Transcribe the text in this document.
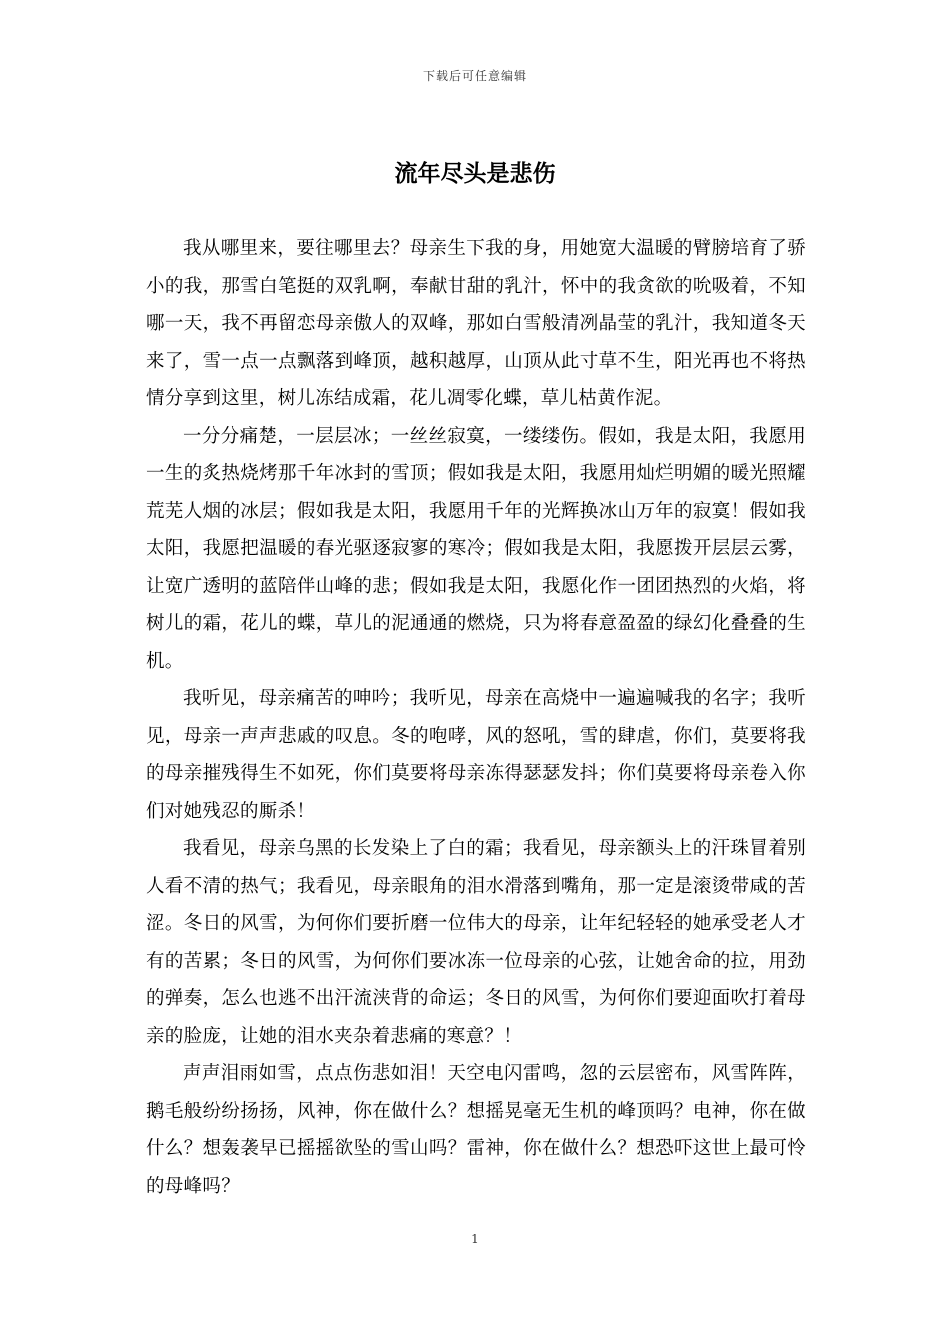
下载后可任意编辑
流年尽头是悲伤

我从哪里来，要往哪里去？母亲生下我的身，用她宽大温暖的臂膀培育了骄小的我，那雪白笔挺的双乳啊，奉献甘甜的乳汁，怀中的我贪欲的吮吸着，不知哪一天，我不再留恋母亲傲人的双峰，那如白雪般清冽晶莹的乳汁，我知道冬天来了，雪一点一点飘落到峰顶，越积越厚，山顶从此寸草不生，阳光再也不将热情分享到这里，树儿冻结成霜，花儿凋零化蝶，草儿枯黄作泥。

一分分痛楚，一层层冰；一丝丝寂寞，一缕缕伤。假如，我是太阳，我愿用一生的炙热烧烤那千年冰封的雪顶；假如我是太阳，我愿用灿烂明媚的暖光照耀荒芜人烟的冰层；假如我是太阳，我愿用千年的光辉换冰山万年的寂寞！假如我太阳，我愿把温暖的春光驱逐寂寥的寒冷；假如我是太阳，我愿拨开层层云雾，让宽广透明的蓝陪伴山峰的悲；假如我是太阳，我愿化作一团团热烈的火焰，将树儿的霜，花儿的蝶，草儿的泥通通的燃烧，只为将春意盈盈的绿幻化叠叠的生机。

我听见，母亲痛苦的呻吟；我听见，母亲在高烧中一遍遍喊我的名字；我听见，母亲一声声悲戚的叹息。冬的咆哮，风的怒吼，雪的肆虐，你们，莫要将我的母亲摧残得生不如死，你们莫要将母亲冻得瑟瑟发抖；你们莫要将母亲卷入你们对她残忍的厮杀！

我看见，母亲乌黑的长发染上了白的霜；我看见，母亲额头上的汗珠冒着别人看不清的热气；我看见，母亲眼角的泪水滑落到嘴角，那一定是滚烫带咸的苦涩。冬日的风雪，为何你们要折磨一位伟大的母亲，让年纪轻轻的她承受老人才有的苦累；冬日的风雪，为何你们要冰冻一位母亲的心弦，让她舍命的拉，用劲的弹奏，怎么也逃不出汗流浃背的命运；冬日的风雪，为何你们要迎面吹打着母亲的脸庞，让她的泪水夹杂着悲痛的寒意？！

声声泪雨如雪，点点伤悲如泪！天空电闪雷鸣，忽的云层密布，风雪阵阵，鹅毛般纷纷扬扬，风神，你在做什么？想摇晃毫无生机的峰顶吗？电神，你在做什么？想轰袭早已摇摇欲坠的雪山吗？雷神，你在做什么？想恐吓这世上最可怜的母峰吗？

1
